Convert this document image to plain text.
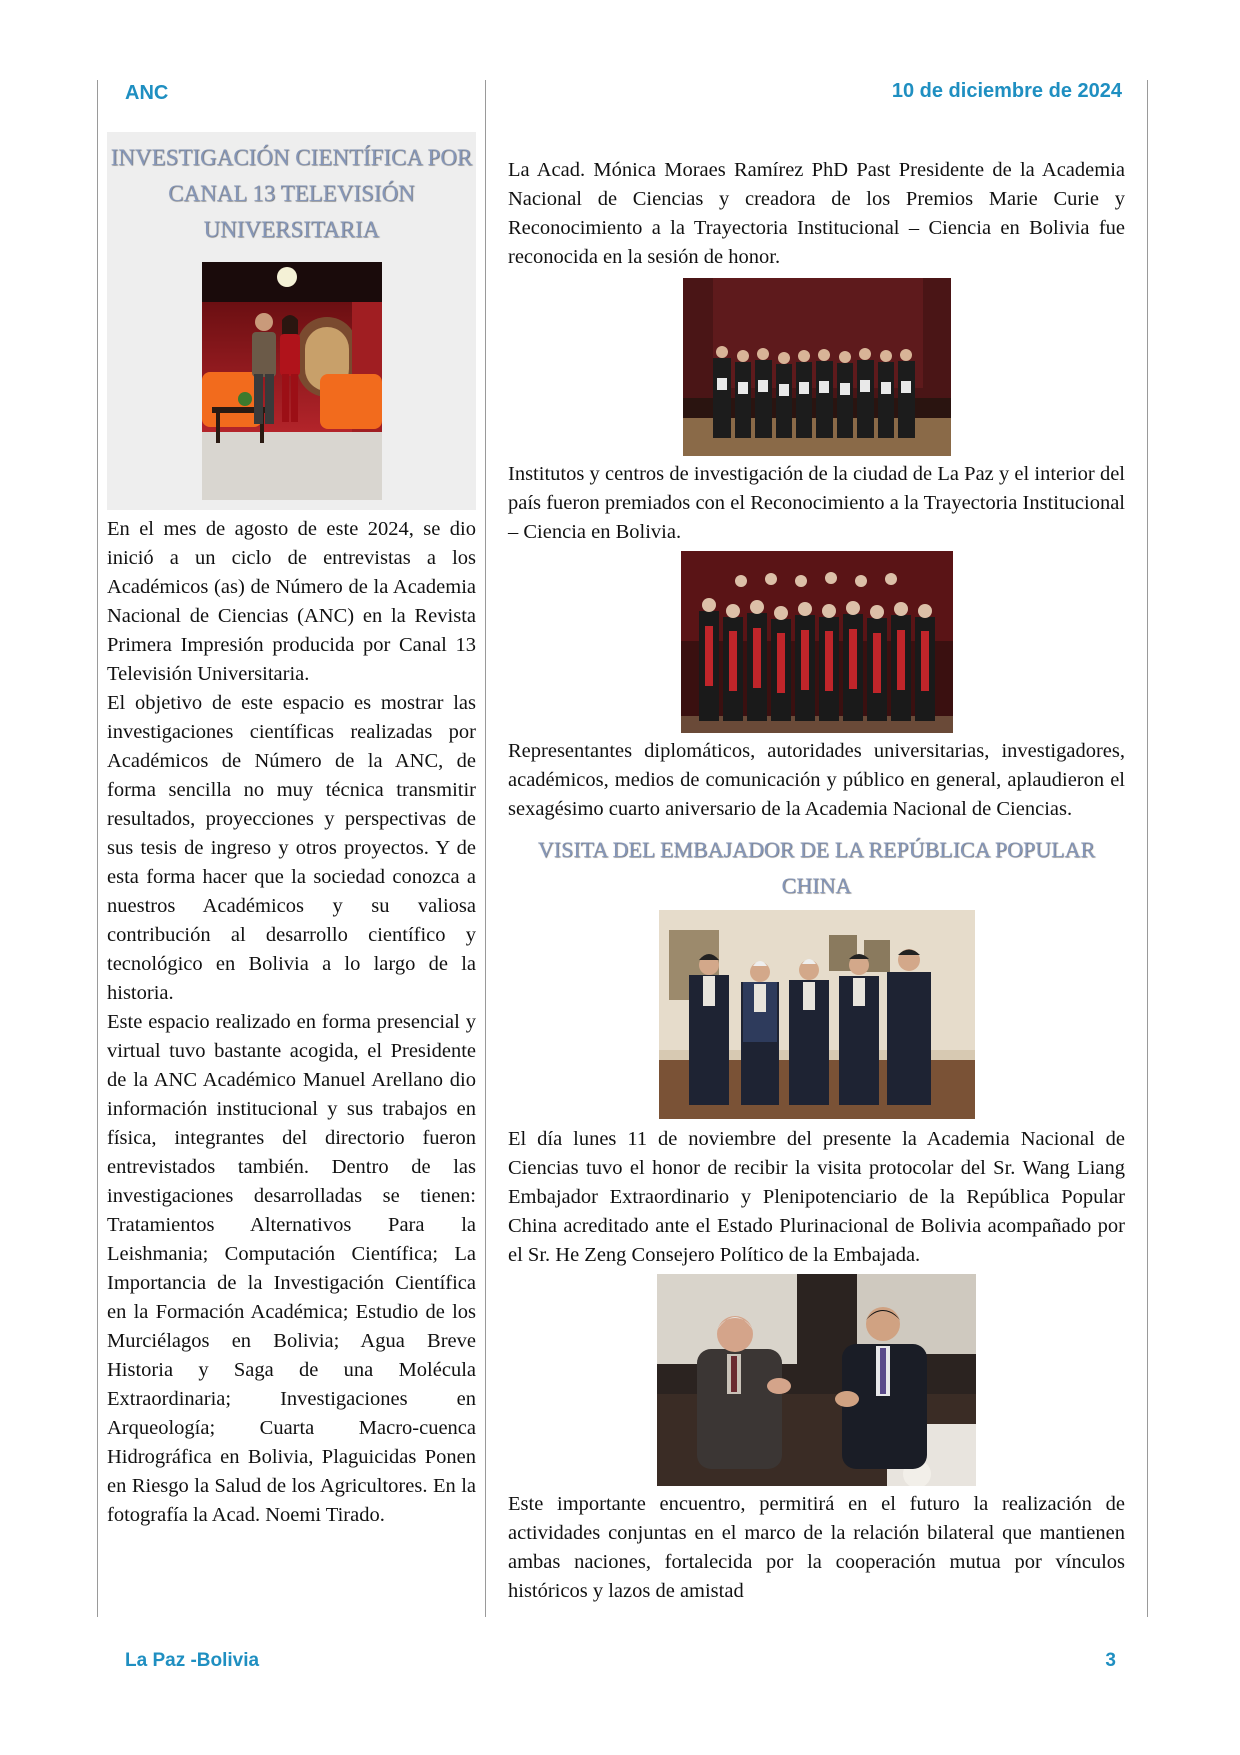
ANC	10 de diciembre de 2024
INVESTIGACIÓN CIENTÍFICA POR CANAL 13 TELEVISIÓN UNIVERSITARIA

En el mes de agosto de este 2024, se dio inició a un ciclo de entrevistas a los Académicos (as) de Número de la Academia Nacional de Ciencias (ANC) en la Revista Primera Impresión producida por Canal 13 Televisión Universitaria.

El objetivo de este espacio es mostrar las investigaciones científicas realizadas por Académicos de Número de la ANC, de forma sencilla no muy técnica transmitir resultados, proyecciones y perspectivas de sus tesis de ingreso y otros proyectos. Y de esta forma hacer que la sociedad conozca a nuestros Académicos y su valiosa contribución al desarrollo científico y tecnológico en Bolivia a lo largo de la historia.

Este espacio realizado en forma presencial y virtual tuvo bastante acogida, el Presidente de la ANC Académico Manuel Arellano dio información institucional y sus trabajos en física, integrantes del directorio fueron entrevistados también. Dentro de las investigaciones desarrolladas se tienen: Tratamientos Alternativos Para la Leishmania; Computación Científica; La Importancia de la Investigación Científica en la Formación Académica; Estudio de los Murciélagos en Bolivia; Agua Breve Historia y Saga de una Molécula Extraordinaria; Investigaciones en Arqueología; Cuarta Macro-cuenca Hidrográfica en Bolivia, Plaguicidas Ponen en Riesgo la Salud de los Agricultores. En la fotografía la Acad. Noemi Tirado.

La Acad. Mónica Moraes Ramírez PhD Past Presidente de la Academia Nacional de Ciencias y creadora de los Premios Marie Curie y Reconocimiento a la Trayectoria Institucional – Ciencia en Bolivia fue reconocida en la sesión de honor.

Institutos y centros de investigación de la ciudad de La Paz y el interior del país fueron premiados con el Reconocimiento a la Trayectoria Institucional – Ciencia en Bolivia.

Representantes diplomáticos, autoridades universitarias, investigadores, académicos, medios de comunicación y público en general, aplaudieron el sexagésimo cuarto aniversario de la Academia Nacional de Ciencias.

VISITA DEL EMBAJADOR DE LA REPÚBLICA POPULAR CHINA

El día lunes 11 de noviembre del presente la Academia Nacional de Ciencias tuvo el honor de recibir la visita protocolar del Sr. Wang Liang Embajador Extraordinario y Plenipotenciario de la República Popular China acreditado ante el Estado Plurinacional de Bolivia acompañado por el Sr. He Zeng Consejero Político de la Embajada.

Este importante encuentro, permitirá en el futuro la realización de actividades conjuntas en el marco de la relación bilateral que mantienen ambas naciones, fortalecida por la cooperación mutua por vínculos históricos y lazos de amistad

La Paz -Bolivia	3
